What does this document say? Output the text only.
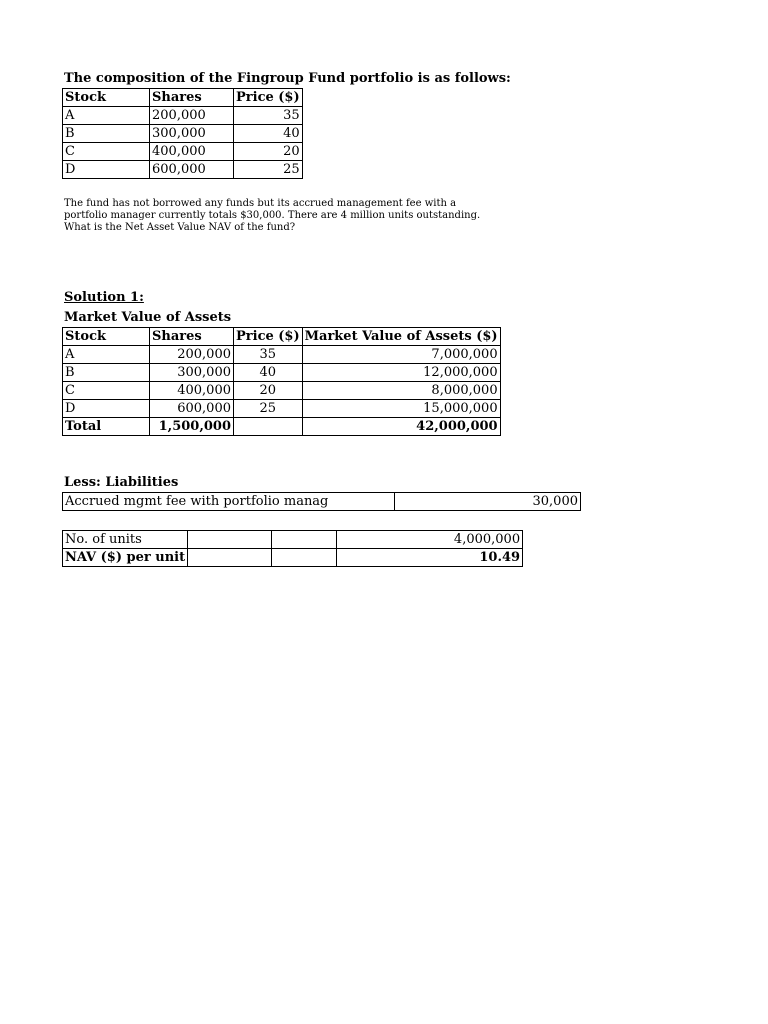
The composition of the Fingroup Fund portfolio is as follows:
Stock	Shares	Price ($)
A	200,000	35
B	300,000	40
C	400,000	20
D	600,000	25
The fund has not borrowed any funds but its accrued management fee with a portfolio manager currently totals $30,000. There are 4 million units outstanding. What is the Net Asset Value NAV of the fund?
Solution 1:
Market Value of Assets
Stock	Shares	Price ($)	Market Value of Assets ($)
A	200,000	35	7,000,000
B	300,000	40	12,000,000
C	400,000	20	8,000,000
D	600,000	25	15,000,000
Total	1,500,000		42,000,000
Less: Liabilities
Accrued mgmt fee with portfolio manag	30,000
No. of units			4,000,000
NAV ($) per unit			10.49
